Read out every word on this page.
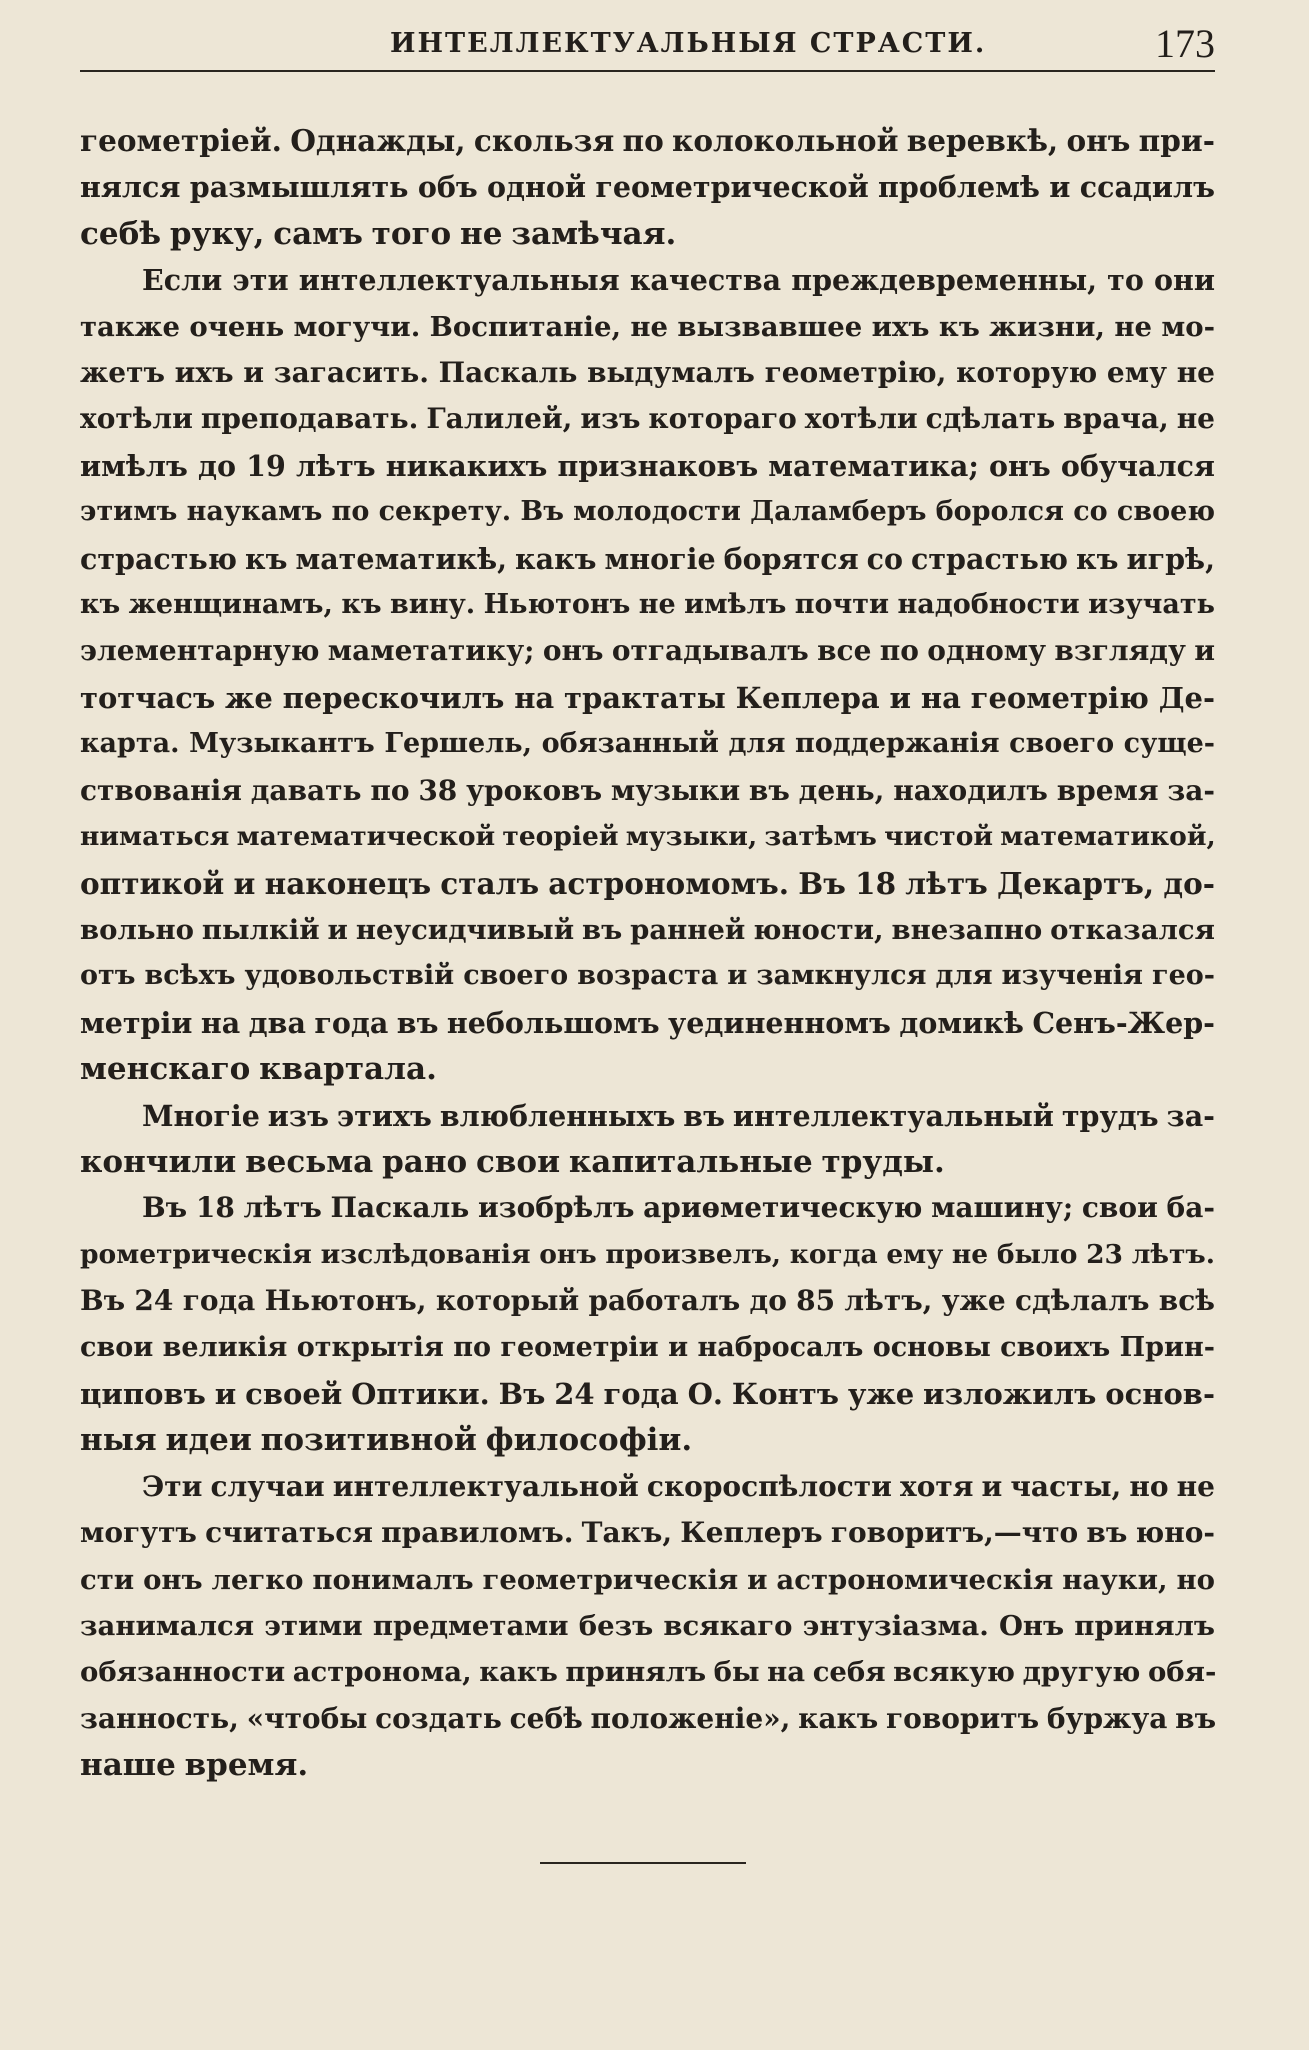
ИНТЕЛЛЕКТУАЛЬНЫЯ СТРАСТИ.	173

геометріей. Однажды, скользя по колокольной веревкѣ, онъ при-
нялся размышлять объ одной геометрической проблемѣ и ссадилъ
себѣ руку, самъ того не замѣчая.

Если эти интеллектуальныя качества преждевременны, то они
также очень могучи. Воспитаніе, не вызвавшее ихъ къ жизни, не мо-
жетъ ихъ и загасить. Паскаль выдумалъ геометрію, которую ему не
хотѣли преподавать. Галилей, изъ котораго хотѣли сдѣлать врача, не
имѣлъ до 19 лѣтъ никакихъ признаковъ математика; онъ обучался
этимъ наукамъ по секрету. Въ молодости Даламберъ боролся со своею
страстью къ математикѣ, какъ многіе борятся со страстью къ игрѣ,
къ женщинамъ, къ вину. Ньютонъ не имѣлъ почти надобности изучать
элементарную маметатику; онъ отгадывалъ все по одному взгляду и
тотчасъ же перескочилъ на трактаты Кеплера и на геометрію Де-
карта. Музыкантъ Гершель, обязанный для поддержанія своего суще-
ствованія давать по 38 уроковъ музыки въ день, находилъ время за-
ниматься математической теоріей музыки, затѣмъ чистой математикой,
оптикой и наконецъ сталъ астрономомъ. Въ 18 лѣтъ Декартъ, до-
вольно пылкій и неусидчивый въ ранней юности, внезапно отказался
отъ всѣхъ удовольствій своего возраста и замкнулся для изученія гео-
метріи на два года въ небольшомъ уединенномъ домикѣ Сенъ-Жер-
менскаго квартала.

Многіе изъ этихъ влюбленныхъ въ интеллектуальный трудъ за-
кончили весьма рано свои капитальные труды.

Въ 18 лѣтъ Паскаль изобрѣлъ ариѳметическую машину; свои ба-
рометрическія изслѣдованія онъ произвелъ, когда ему не было 23 лѣтъ.
Въ 24 года Ньютонъ, который работалъ до 85 лѣтъ, уже сдѣлалъ всѣ
свои великія открытія по геометріи и набросалъ основы своихъ Прин-
циповъ и своей Оптики. Въ 24 года О. Контъ уже изложилъ основ-
ныя идеи позитивной философіи.

Эти случаи интеллектуальной скороспѣлости хотя и часты, но не
могутъ считаться правиломъ. Такъ, Кеплеръ говоритъ,—что въ юно-
сти онъ легко понималъ геометрическія и астрономическія науки, но
занимался этими предметами безъ всякаго энтузіазма. Онъ принялъ
обязанности астронома, какъ принялъ бы на себя всякую другую обя-
занность, «чтобы создать себѣ положеніе», какъ говоритъ буржуа въ
наше время.
